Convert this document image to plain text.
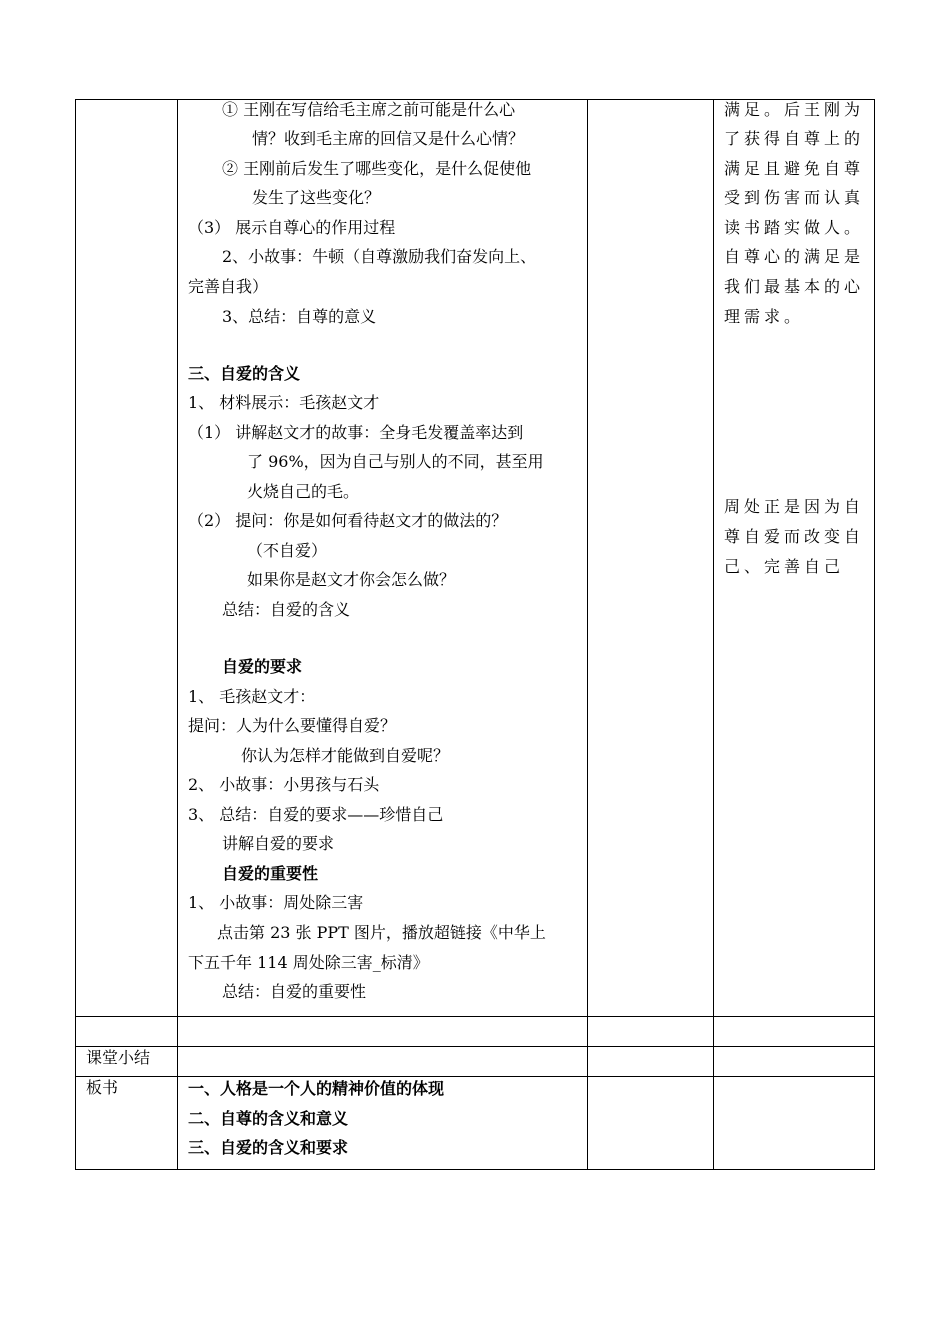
① 王刚在写信给毛主席之前可能是什么心
情？收到毛主席的回信又是什么心情？
② 王刚前后发生了哪些变化，是什么促使他
发生了这些变化？
（3） 展示自尊心的作用过程
2、小故事：牛顿（自尊激励我们奋发向上、
完善自我）
3、总结：自尊的意义
三、自爱的含义
1、 材料展示：毛孩赵文才
（1） 讲解赵文才的故事：全身毛发覆盖率达到
了 96%，因为自己与别人的不同，甚至用
火烧自己的毛。
（2） 提问：你是如何看待赵文才的做法的？
（不自爱）
如果你是赵文才你会怎么做？
总结：自爱的含义
自爱的要求
1、 毛孩赵文才：
提问：人为什么要懂得自爱？
你认为怎样才能做到自爱呢？
2、 小故事：小男孩与石头
3、 总结：自爱的要求——珍惜自己
讲解自爱的要求
自爱的重要性
1、 小故事：周处除三害
点击第 23 张 PPT 图片，播放超链接《中华上
下五千年 114 周处除三害_标清》
总结：自爱的重要性
满足。后王刚为
了获得自尊上的
满足且避免自尊
受到伤害而认真
读书踏实做人。
自尊心的满足是
我们最基本的心
理需求。
周处正是因为自
尊自爱而改变自
己、完善自己
课堂小结
板书	一、人格是一个人的精神价值的体现
二、自尊的含义和意义
三、自爱的含义和要求
